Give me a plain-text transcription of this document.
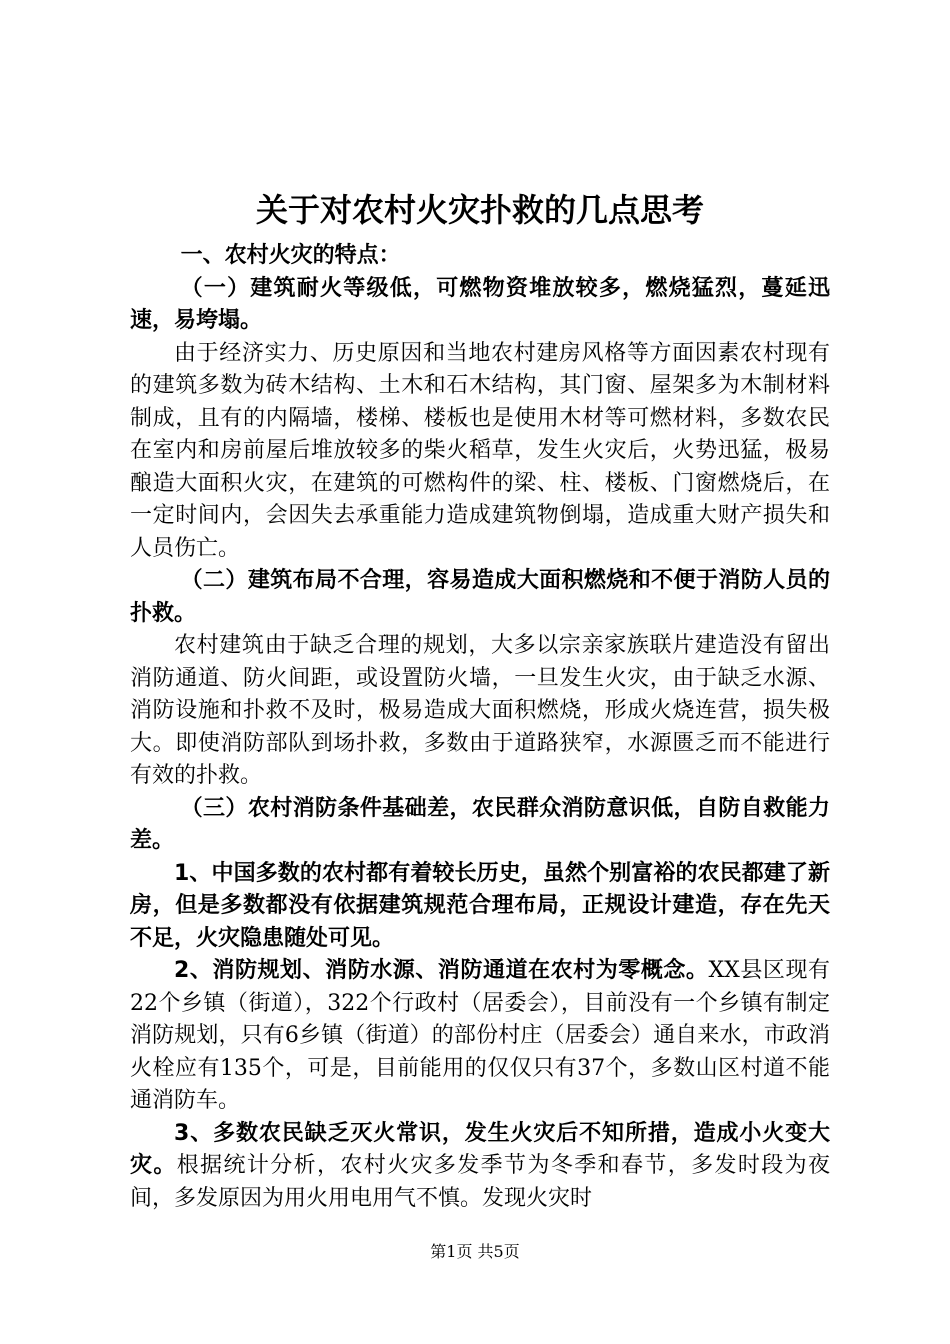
关于对农村火灾扑救的几点思考

一、农村火灾的特点：

（一）建筑耐火等级低，可燃物资堆放较多，燃烧猛烈，蔓延迅速，易垮塌。

由于经济实力、历史原因和当地农村建房风格等方面因素农村现有的建筑多数为砖木结构、土木和石木结构，其门窗、屋架多为木制材料制成，且有的内隔墙，楼梯、楼板也是使用木材等可燃材料，多数农民在室内和房前屋后堆放较多的柴火稻草，发生火灾后，火势迅猛，极易酿造大面积火灾，在建筑的可燃构件的梁、柱、楼板、门窗燃烧后，在一定时间内，会因失去承重能力造成建筑物倒塌，造成重大财产损失和人员伤亡。

（二）建筑布局不合理，容易造成大面积燃烧和不便于消防人员的扑救。

农村建筑由于缺乏合理的规划，大多以宗亲家族联片建造没有留出消防通道、防火间距，或设置防火墙，一旦发生火灾，由于缺乏水源、消防设施和扑救不及时，极易造成大面积燃烧，形成火烧连营，损失极大。即使消防部队到场扑救，多数由于道路狭窄，水源匮乏而不能进行有效的扑救。

（三）农村消防条件基础差，农民群众消防意识低，自防自救能力差。

1、中国多数的农村都有着较长历史，虽然个别富裕的农民都建了新房，但是多数都没有依据建筑规范合理布局，正规设计建造，存在先天不足，火灾隐患随处可见。

2、消防规划、消防水源、消防通道在农村为零概念。XX县区现有22个乡镇（街道），322个行政村（居委会），目前没有一个乡镇有制定消防规划，只有6乡镇（街道）的部份村庄（居委会）通自来水，市政消火栓应有135个，可是，目前能用的仅仅只有37个，多数山区村道不能通消防车。

3、多数农民缺乏灭火常识，发生火灾后不知所措，造成小火变大灾。根据统计分析，农村火灾多发季节为冬季和春节，多发时段为夜间，多发原因为用火用电用气不慎。发现火灾时

第1页 共5页
